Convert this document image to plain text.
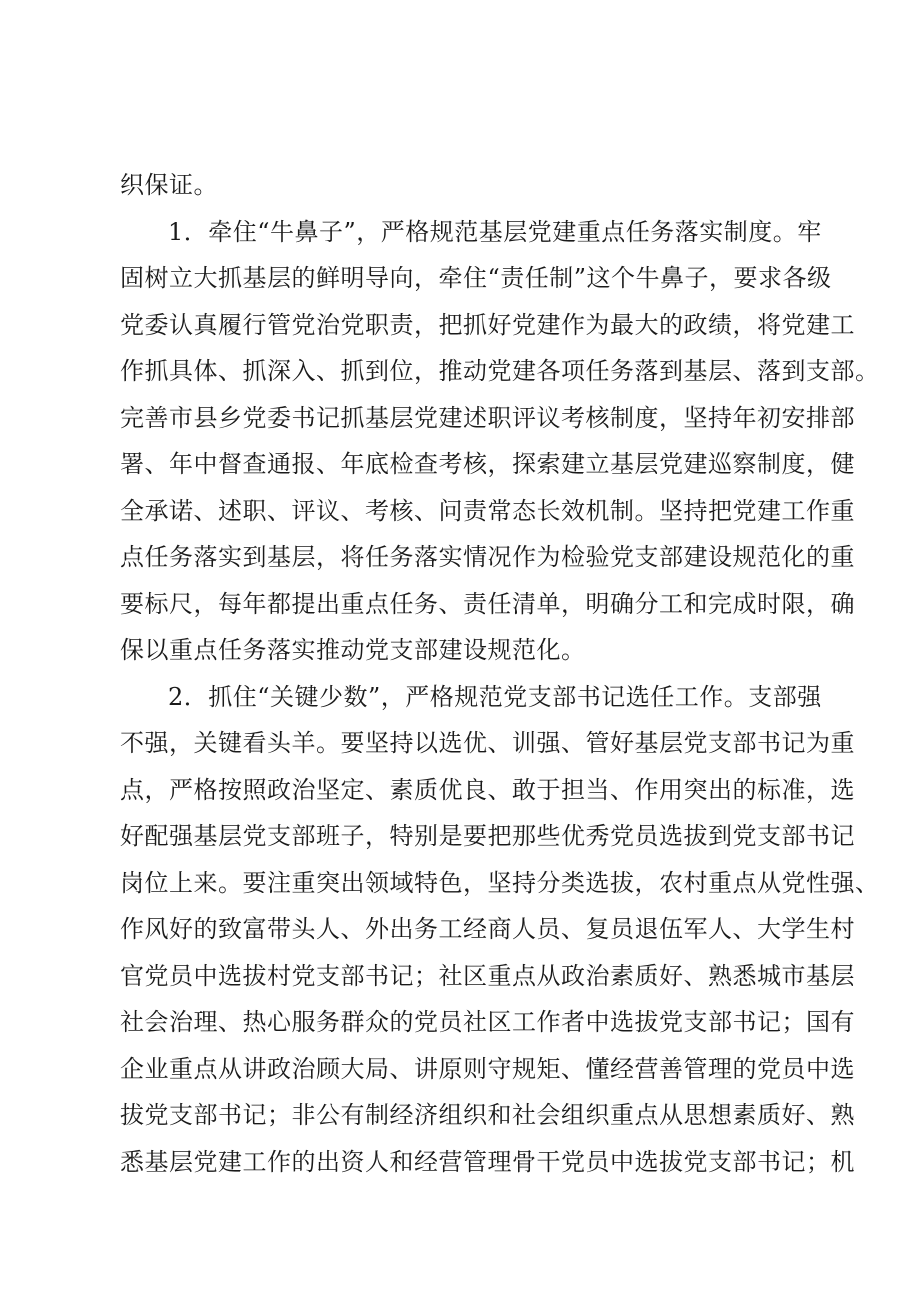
织保证。
1．牵住“牛鼻子”，严格规范基层党建重点任务落实制度。牢
固树立大抓基层的鲜明导向，牵住“责任制”这个牛鼻子，要求各级
党委认真履行管党治党职责，把抓好党建作为最大的政绩，将党建工
作抓具体、抓深入、抓到位，推动党建各项任务落到基层、落到支部。
完善市县乡党委书记抓基层党建述职评议考核制度，坚持年初安排部
署、年中督查通报、年底检查考核，探索建立基层党建巡察制度，健
全承诺、述职、评议、考核、问责常态长效机制。坚持把党建工作重
点任务落实到基层，将任务落实情况作为检验党支部建设规范化的重
要标尺，每年都提出重点任务、责任清单，明确分工和完成时限，确
保以重点任务落实推动党支部建设规范化。
2．抓住“关键少数”，严格规范党支部书记选任工作。支部强
不强，关键看头羊。要坚持以选优、训强、管好基层党支部书记为重
点，严格按照政治坚定、素质优良、敢于担当、作用突出的标准，选
好配强基层党支部班子，特别是要把那些优秀党员选拔到党支部书记
岗位上来。要注重突出领域特色，坚持分类选拔，农村重点从党性强、
作风好的致富带头人、外出务工经商人员、复员退伍军人、大学生村
官党员中选拔村党支部书记；社区重点从政治素质好、熟悉城市基层
社会治理、热心服务群众的党员社区工作者中选拔党支部书记；国有
企业重点从讲政治顾大局、讲原则守规矩、懂经营善管理的党员中选
拔党支部书记；非公有制经济组织和社会组织重点从思想素质好、熟
悉基层党建工作的出资人和经营管理骨干党员中选拔党支部书记；机
